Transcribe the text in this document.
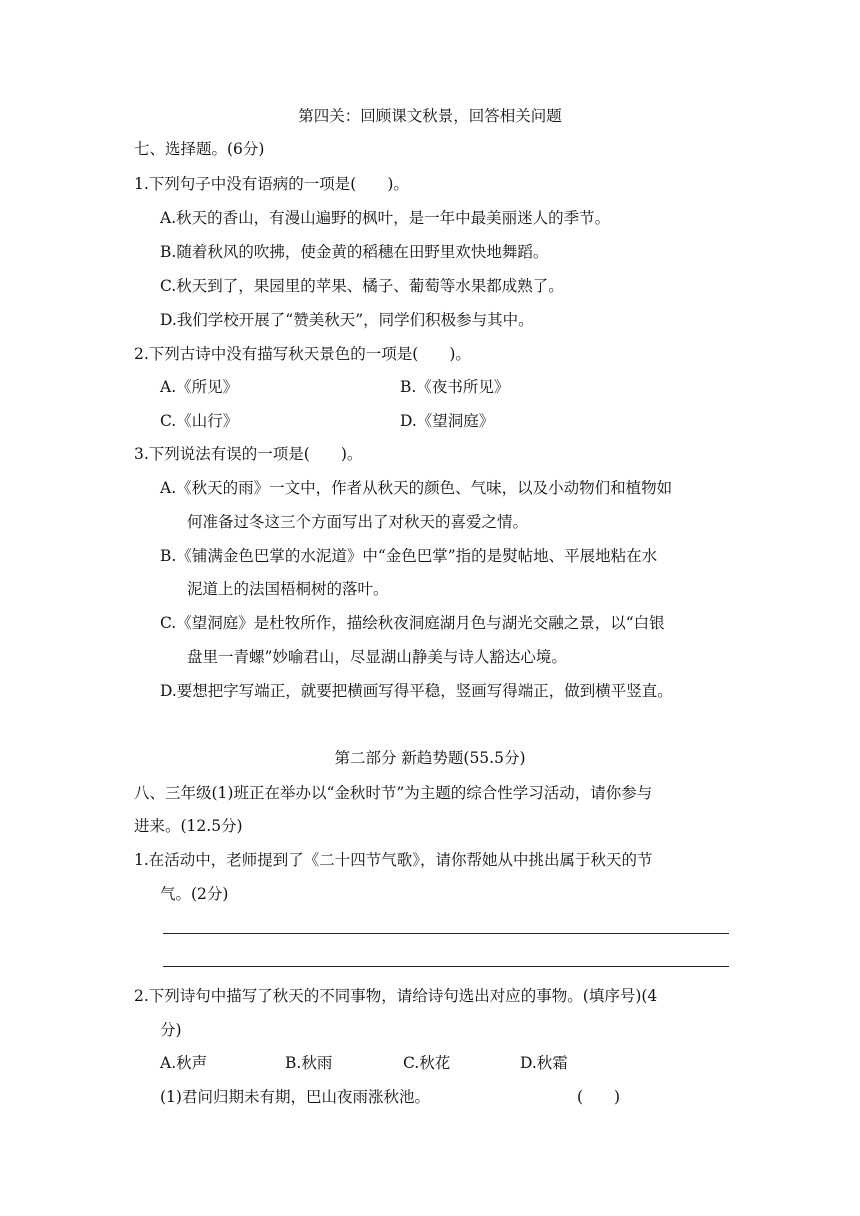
第四关：回顾课文秋景，回答相关问题
七、选择题。(6分)
1.下列句子中没有语病的一项是(　　)。
A.秋天的香山，有漫山遍野的枫叶，是一年中最美丽迷人的季节。
B.随着秋风的吹拂，使金黄的稻穗在田野里欢快地舞蹈。
C.秋天到了，果园里的苹果、橘子、葡萄等水果都成熟了。
D.我们学校开展了“赞美秋天”，同学们积极参与其中。
2.下列古诗中没有描写秋天景色的一项是(　　)。
A.《所见》	B.《夜书所见》
C.《山行》	D.《望洞庭》
3.下列说法有误的一项是(　　)。
A.《秋天的雨》一文中，作者从秋天的颜色、气味，以及小动物们和植物如
何准备过冬这三个方面写出了对秋天的喜爱之情。
B.《铺满金色巴掌的水泥道》中“金色巴掌”指的是熨帖地、平展地粘在水
泥道上的法国梧桐树的落叶。
C.《望洞庭》是杜牧所作，描绘秋夜洞庭湖月色与湖光交融之景，以“白银
盘里一青螺”妙喻君山，尽显湖山静美与诗人豁达心境。
D.要想把字写端正，就要把横画写得平稳，竖画写得端正，做到横平竖直。
第二部分 新趋势题(55.5分)
八、三年级(1)班正在举办以“金秋时节”为主题的综合性学习活动，请你参与
进来。(12.5分)
1.在活动中，老师提到了《二十四节气歌》，请你帮她从中挑出属于秋天的节
气。(2分)
2.下列诗句中描写了秋天的不同事物，请给诗句选出对应的事物。(填序号)(4
分)
A.秋声	B.秋雨	C.秋花	D.秋霜
(1)君问归期未有期，巴山夜雨涨秋池。	(　　)
